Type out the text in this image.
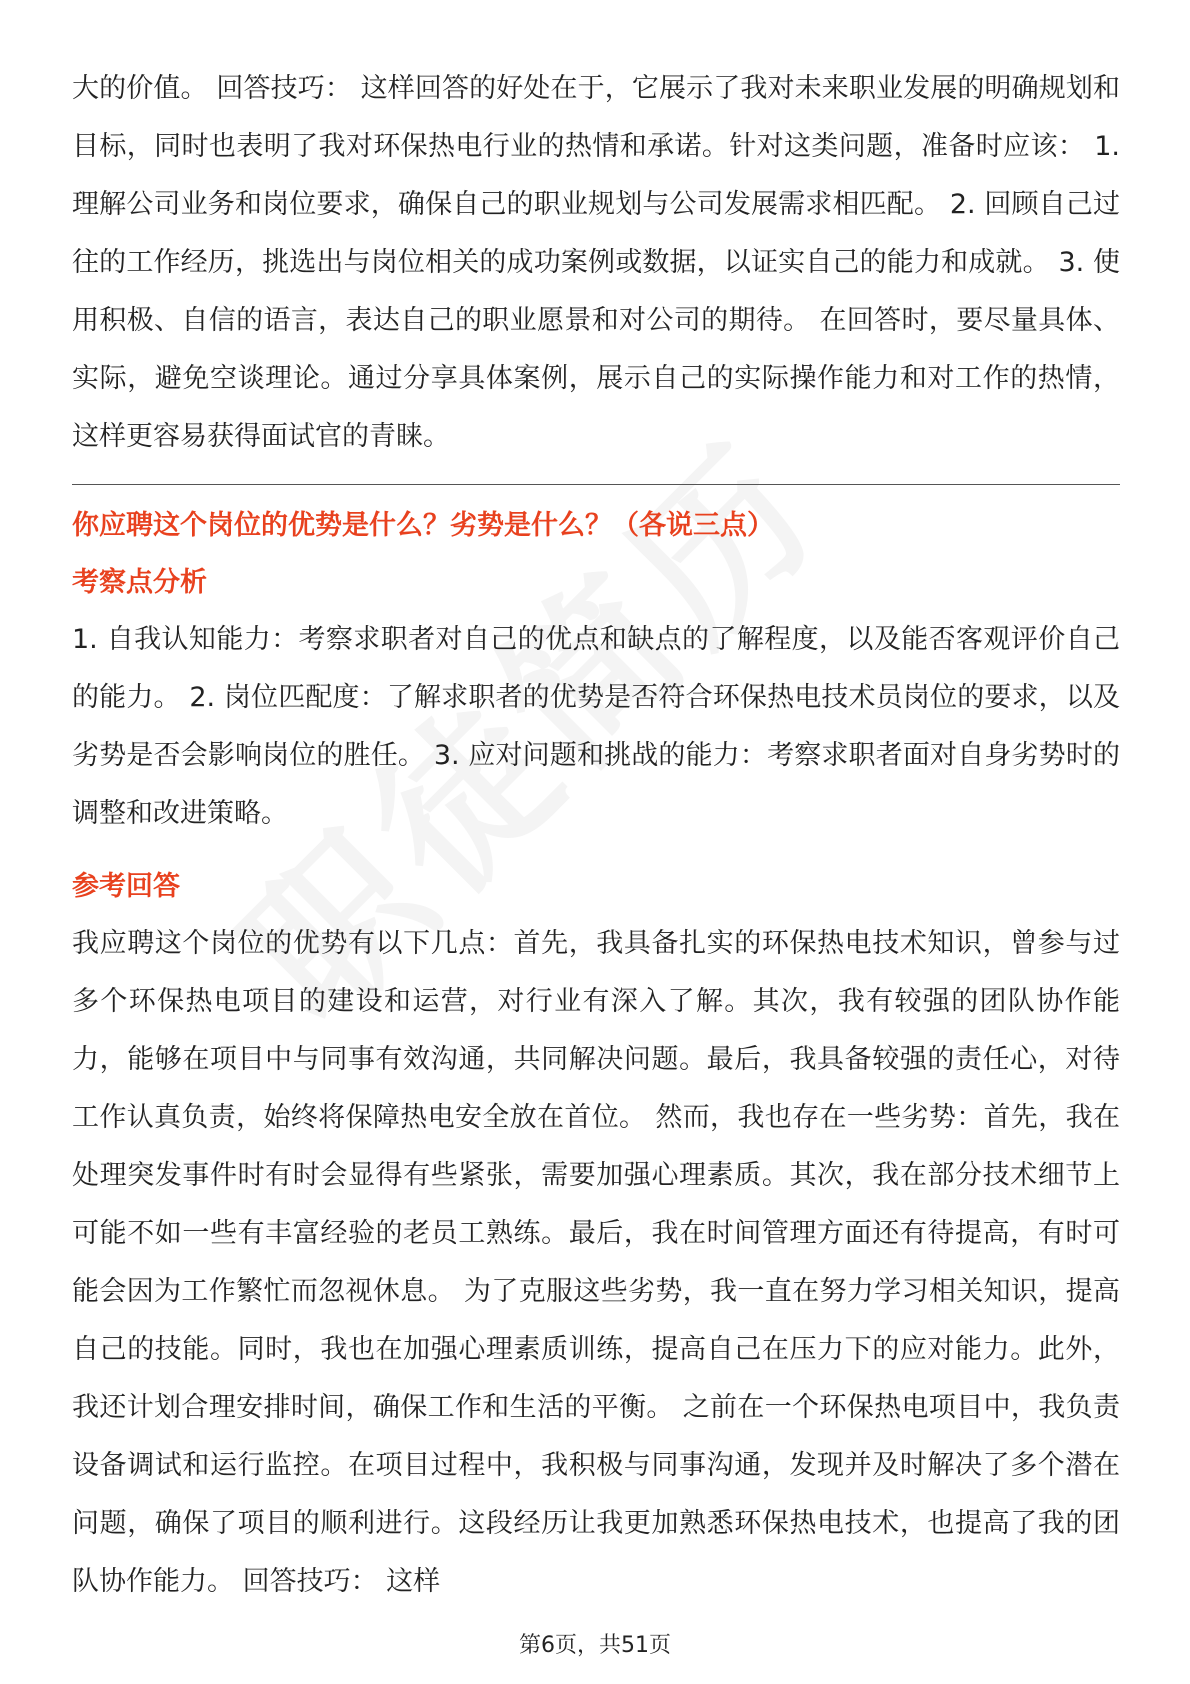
大的价值。 回答技巧： 这样回答的好处在于，它展示了我对未来职业发展的明确规划和目标，同时也表明了我对环保热电行业的热情和承诺。针对这类问题，准备时应该： 1. 理解公司业务和岗位要求，确保自己的职业规划与公司发展需求相匹配。 2. 回顾自己过往的工作经历，挑选出与岗位相关的成功案例或数据，以证实自己的能力和成就。 3. 使用积极、自信的语言，表达自己的职业愿景和对公司的期待。 在回答时，要尽量具体、实际，避免空谈理论。通过分享具体案例，展示自己的实际操作能力和对工作的热情，这样更容易获得面试官的青睐。

你应聘这个岗位的优势是什么？劣势是什么？（各说三点）

考察点分析

1. 自我认知能力：考察求职者对自己的优点和缺点的了解程度，以及能否客观评价自己的能力。 2. 岗位匹配度：了解求职者的优势是否符合环保热电技术员岗位的要求，以及劣势是否会影响岗位的胜任。 3. 应对问题和挑战的能力：考察求职者面对自身劣势时的调整和改进策略。

参考回答

我应聘这个岗位的优势有以下几点：首先，我具备扎实的环保热电技术知识，曾参与过多个环保热电项目的建设和运营，对行业有深入了解。其次，我有较强的团队协作能力，能够在项目中与同事有效沟通，共同解决问题。最后，我具备较强的责任心，对待工作认真负责，始终将保障热电安全放在首位。 然而，我也存在一些劣势：首先，我在处理突发事件时有时会显得有些紧张，需要加强心理素质。其次，我在部分技术细节上可能不如一些有丰富经验的老员工熟练。最后，我在时间管理方面还有待提高，有时可能会因为工作繁忙而忽视休息。 为了克服这些劣势，我一直在努力学习相关知识，提高自己的技能。同时，我也在加强心理素质训练，提高自己在压力下的应对能力。此外，我还计划合理安排时间，确保工作和生活的平衡。 之前在一个环保热电项目中，我负责设备调试和运行监控。在项目过程中，我积极与同事沟通，发现并及时解决了多个潜在问题，确保了项目的顺利进行。这段经历让我更加熟悉环保热电技术，也提高了我的团队协作能力。 回答技巧： 这样

第6页，共51页
